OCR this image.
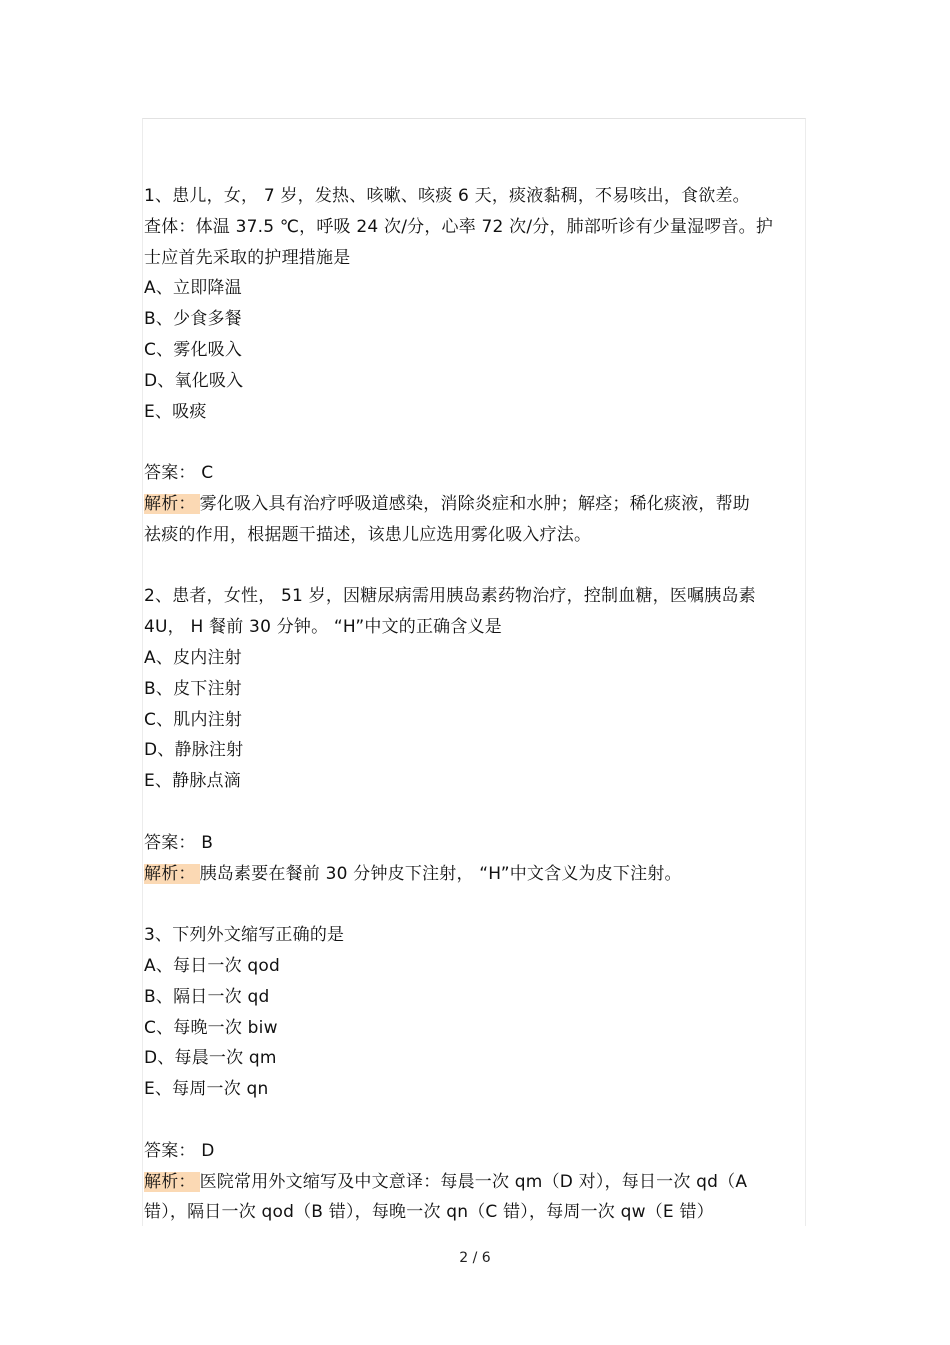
1、患儿，女， 7 岁，发热、咳嗽、咳痰 6 天，痰液黏稠，不易咳出，食欲差。
查体：体温 37.5 ℃，呼吸 24 次/分，心率 72 次/分，肺部听诊有少量湿啰音。护
士应首先采取的护理措施是
A、立即降温
B、少食多餐
C、雾化吸入
D、氧化吸入
E、吸痰
答案： C
解析： 雾化吸入具有治疗呼吸道感染，消除炎症和水肿；解痉；稀化痰液，帮助
祛痰的作用，根据题干描述，该患儿应选用雾化吸入疗法。
2、患者，女性， 51 岁，因糖尿病需用胰岛素药物治疗，控制血糖，医嘱胰岛素
4U， H 餐前 30 分钟。 “H”中文的正确含义是
A、皮内注射
B、皮下注射
C、肌内注射
D、静脉注射
E、静脉点滴
答案： B
解析： 胰岛素要在餐前 30 分钟皮下注射， “H”中文含义为皮下注射。
3、下列外文缩写正确的是
A、每日一次 qod
B、隔日一次 qd
C、每晚一次 biw
D、每晨一次 qm
E、每周一次 qn
答案： D
解析： 医院常用外文缩写及中文意译：每晨一次 qm（D 对），每日一次 qd（A
错），隔日一次 qod（B 错），每晚一次 qn（C 错），每周一次 qw（E 错）
2 / 6
